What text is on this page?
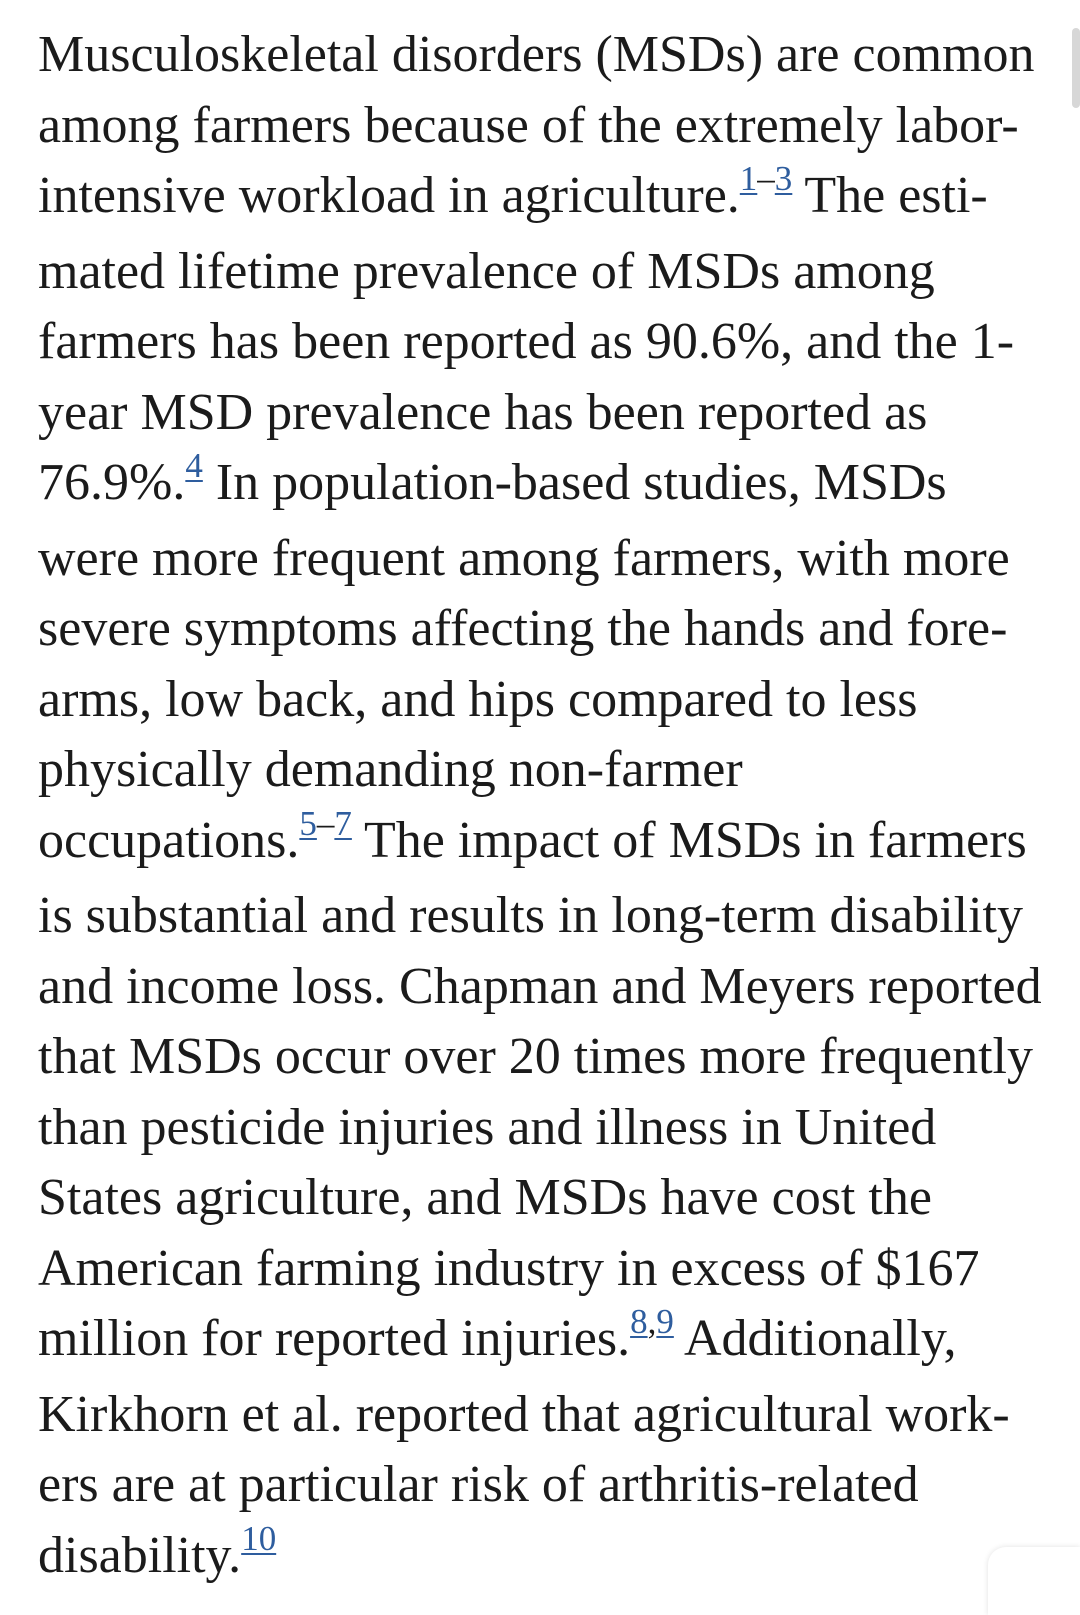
Musculoskeletal disorders (MSDs) are common
among farmers because of the extremely labor-
intensive workload in agriculture.$^{1-3}$ The esti-
mated lifetime prevalence of MSDs among
farmers has been reported as 90.6%, and the 1-
year MSD prevalence has been reported as
76.9%.$^4$ In population-based studies, MSDs
were more frequent among farmers, with more
severe symptoms affecting the hands and fore-
arms, low back, and hips compared to less
physically demanding non-farmer
occupations.$^{5-7}$ The impact of MSDs in farmers
is substantial and results in long-term disability
and income loss. Chapman and Meyers reported
that MSDs occur over 20 times more frequently
than pesticide injuries and illness in United
States agriculture, and MSDs have cost the
American farming industry in excess of $167
million for reported injuries.$^{8,9}$ Additionally,
Kirkhorn et al. reported that agricultural work-
ers are at particular risk of arthritis-related
disability.$^{10}$
